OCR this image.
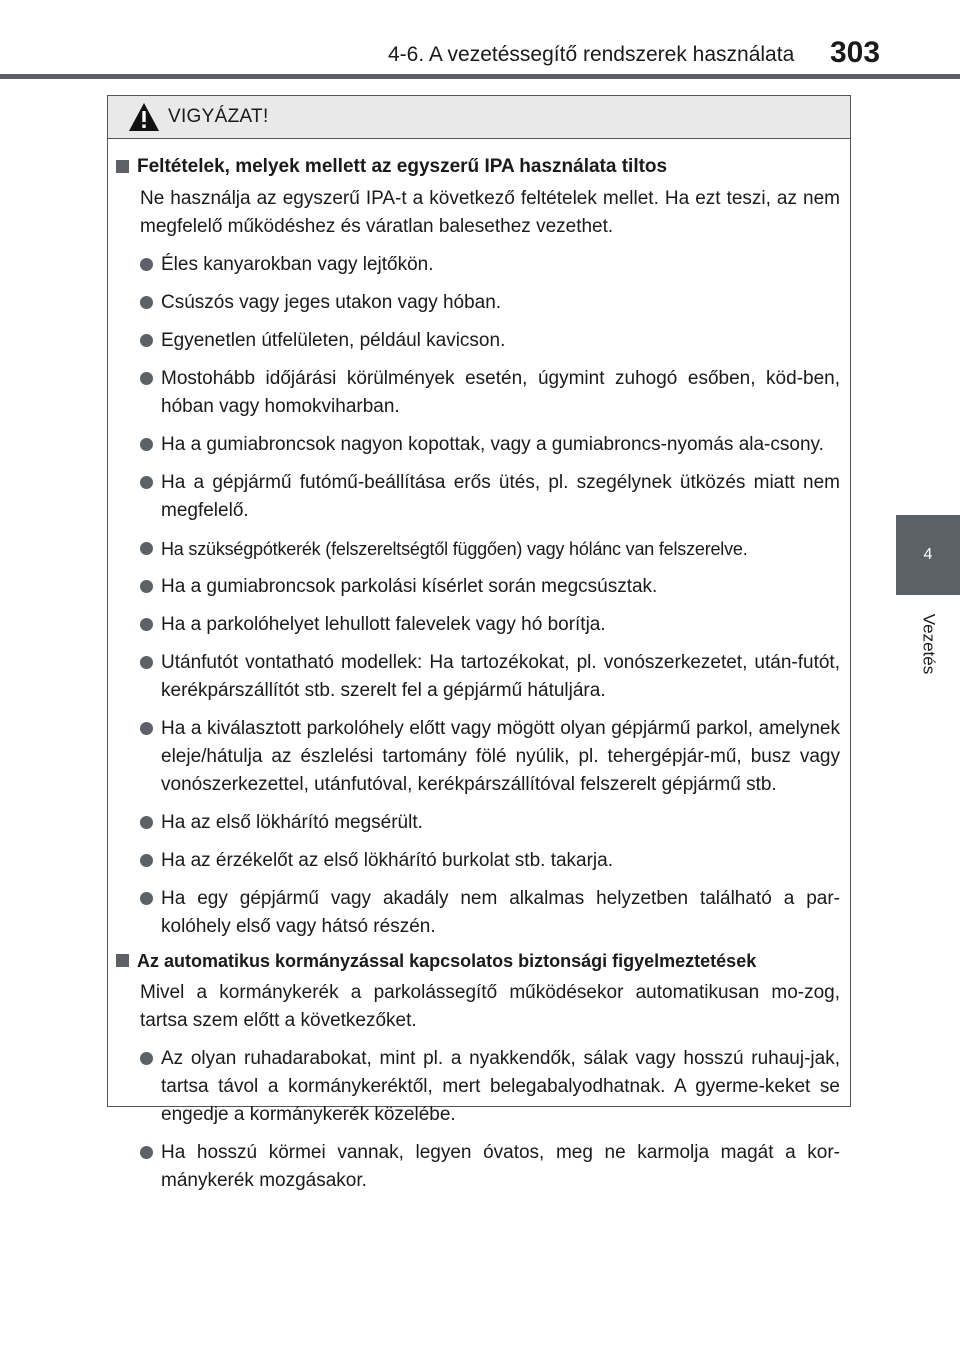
4-6. A vezetéssegítő rendszerek használata 303
4
Vezetés
VIGYÁZAT!
Feltételek, melyek mellett az egyszerű IPA használata tiltos
Ne használja az egyszerű IPA-t a következő feltételek mellet. Ha ezt teszi, az nem megfelelő működéshez és váratlan balesethez vezethet.
Éles kanyarokban vagy lejtőkön.
Csúszós vagy jeges utakon vagy hóban.
Egyenetlen útfelületen, például kavicson.
Mostohább időjárási körülmények esetén, úgymint zuhogó esőben, köd-ben, hóban vagy homokviharban.
Ha a gumiabroncsok nagyon kopottak, vagy a gumiabroncs-nyomás ala-csony.
Ha a gépjármű futómű-beállítása erős ütés, pl. szegélynek ütközés miatt nem megfelelő.
Ha szükségpótkerék (felszereltségtől függően) vagy hólánc van felszerelve.
Ha a gumiabroncsok parkolási kísérlet során megcsúsztak.
Ha a parkolóhelyet lehullott falevelek vagy hó borítja.
Utánfutót vontatható modellek: Ha tartozékokat, pl. vonószerkezetet, után-futót, kerékpárszállítót stb. szerelt fel a gépjármű hátuljára.
Ha a kiválasztott parkolóhely előtt vagy mögött olyan gépjármű parkol, amelynek eleje/hátulja az észlelési tartomány fölé nyúlik, pl. tehergépjár-mű, busz vagy vonószerkezettel, utánfutóval, kerékpárszállítóval felszerelt gépjármű stb.
Ha az első lökhárító megsérült.
Ha az érzékelőt az első lökhárító burkolat stb. takarja.
Ha egy gépjármű vagy akadály nem alkalmas helyzetben található a par-kolóhely első vagy hátsó részén.
Az automatikus kormányzással kapcsolatos biztonsági figyelmeztetések
Mivel a kormánykerék a parkolássegítő működésekor automatikusan mo-zog, tartsa szem előtt a következőket.
Az olyan ruhadarabokat, mint pl. a nyakkendők, sálak vagy hosszú ruhauj-jak, tartsa távol a kormánykeréktől, mert belegabalyodhatnak. A gyerme-keket se engedje a kormánykerék közelébe.
Ha hosszú körmei vannak, legyen óvatos, meg ne karmolja magát a kor-mánykerék mozgásakor.
